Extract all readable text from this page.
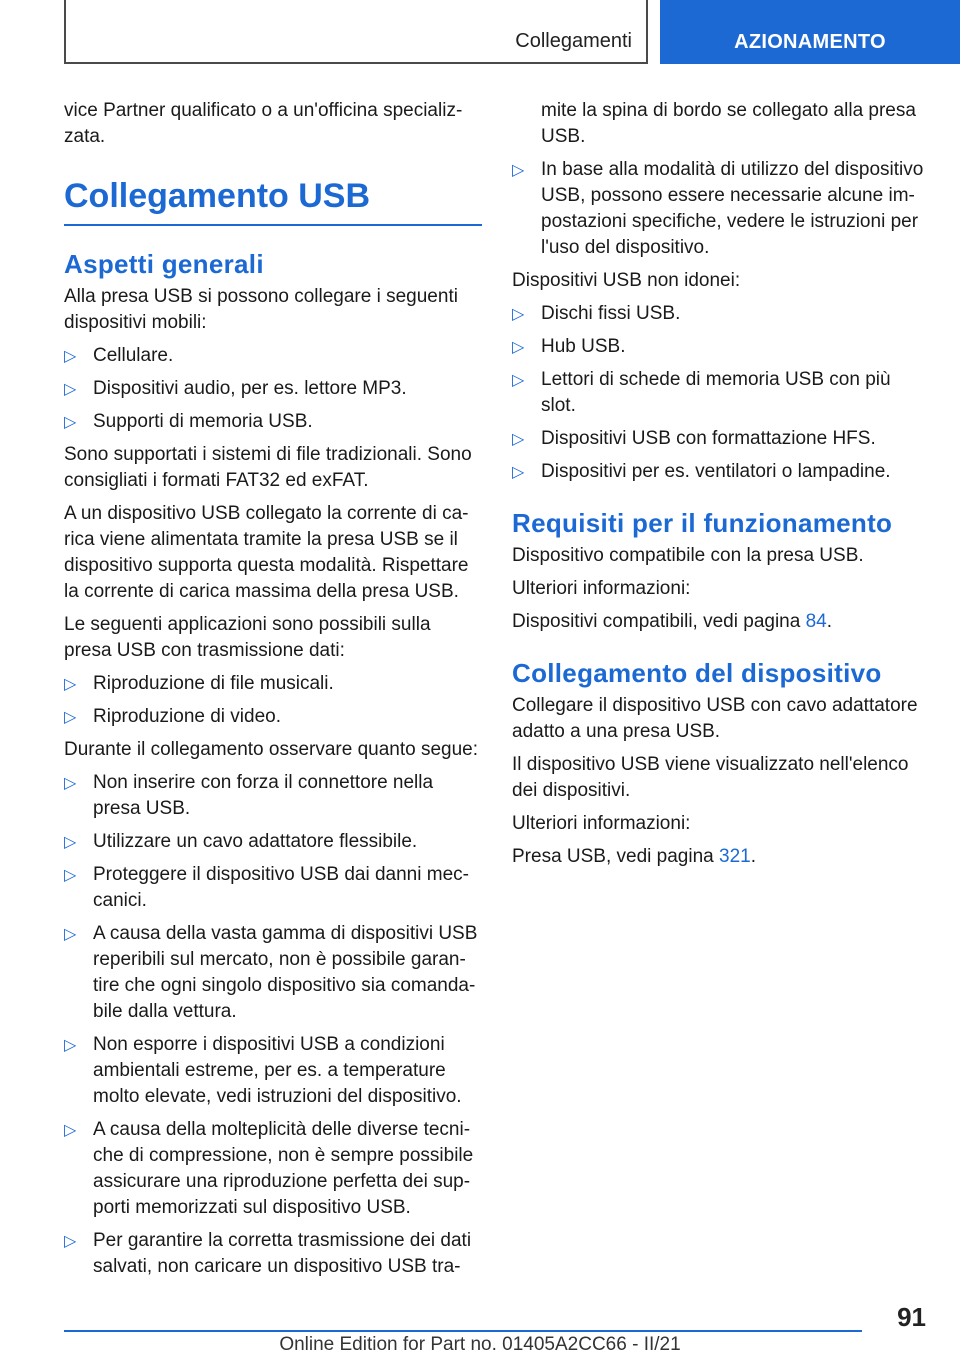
Collegamenti	AZIONAMENTO

vice Partner qualificato o a un'officina specializ‑ zata.

Collegamento USB
Aspetti generali

Alla presa USB si possono collegare i seguenti dispositivi mobili:

▷ Cellulare.
▷ Dispositivi audio, per es. lettore MP3.
▷ Supporti di memoria USB.

Sono supportati i sistemi di file tradizionali. Sono consigliati i formati FAT32 ed exFAT.

A un dispositivo USB collegato la corrente di ca‑ rica viene alimentata tramite la presa USB se il dispositivo supporta questa modalità. Rispettare la corrente di carica massima della presa USB.

Le seguenti applicazioni sono possibili sulla presa USB con trasmissione dati:

▷ Riproduzione di file musicali.
▷ Riproduzione di video.

Durante il collegamento osservare quanto segue:

▷ Non inserire con forza il connettore nella presa USB.
▷ Utilizzare un cavo adattatore flessibile.
▷ Proteggere il dispositivo USB dai danni mec‑ canici.
▷ A causa della vasta gamma di dispositivi USB reperibili sul mercato, non è possibile garan‑ tire che ogni singolo dispositivo sia comanda‑ bile dalla vettura.
▷ Non esporre i dispositivi USB a condizioni ambientali estreme, per es. a temperature molto elevate, vedi istruzioni del dispositivo.
▷ A causa della molteplicità delle diverse tecni‑ che di compressione, non è sempre possibile assicurare una riproduzione perfetta dei sup‑ porti memorizzati sul dispositivo USB.
▷ Per garantire la corretta trasmissione dei dati salvati, non caricare un dispositivo USB tra‑
mite la spina di bordo se collegato alla presa USB.
▷ In base alla modalità di utilizzo del dispositivo USB, possono essere necessarie alcune im‑ postazioni specifiche, vedere le istruzioni per l'uso del dispositivo.

Dispositivi USB non idonei:

▷ Dischi fissi USB.
▷ Hub USB.
▷ Lettori di schede di memoria USB con più slot.
▷ Dispositivi USB con formattazione HFS.
▷ Dispositivi per es. ventilatori o lampadine.
Requisiti per il funzionamento

Dispositivo compatibile con la presa USB.

Ulteriori informazioni:

Dispositivi compatibili, vedi pagina 84.

Collegamento del dispositivo

Collegare il dispositivo USB con cavo adattatore adatto a una presa USB.

Il dispositivo USB viene visualizzato nell'elenco dei dispositivi.

Ulteriori informazioni:

Presa USB, vedi pagina 321.

91
Online Edition for Part no. 01405A2CC66 - II/21
